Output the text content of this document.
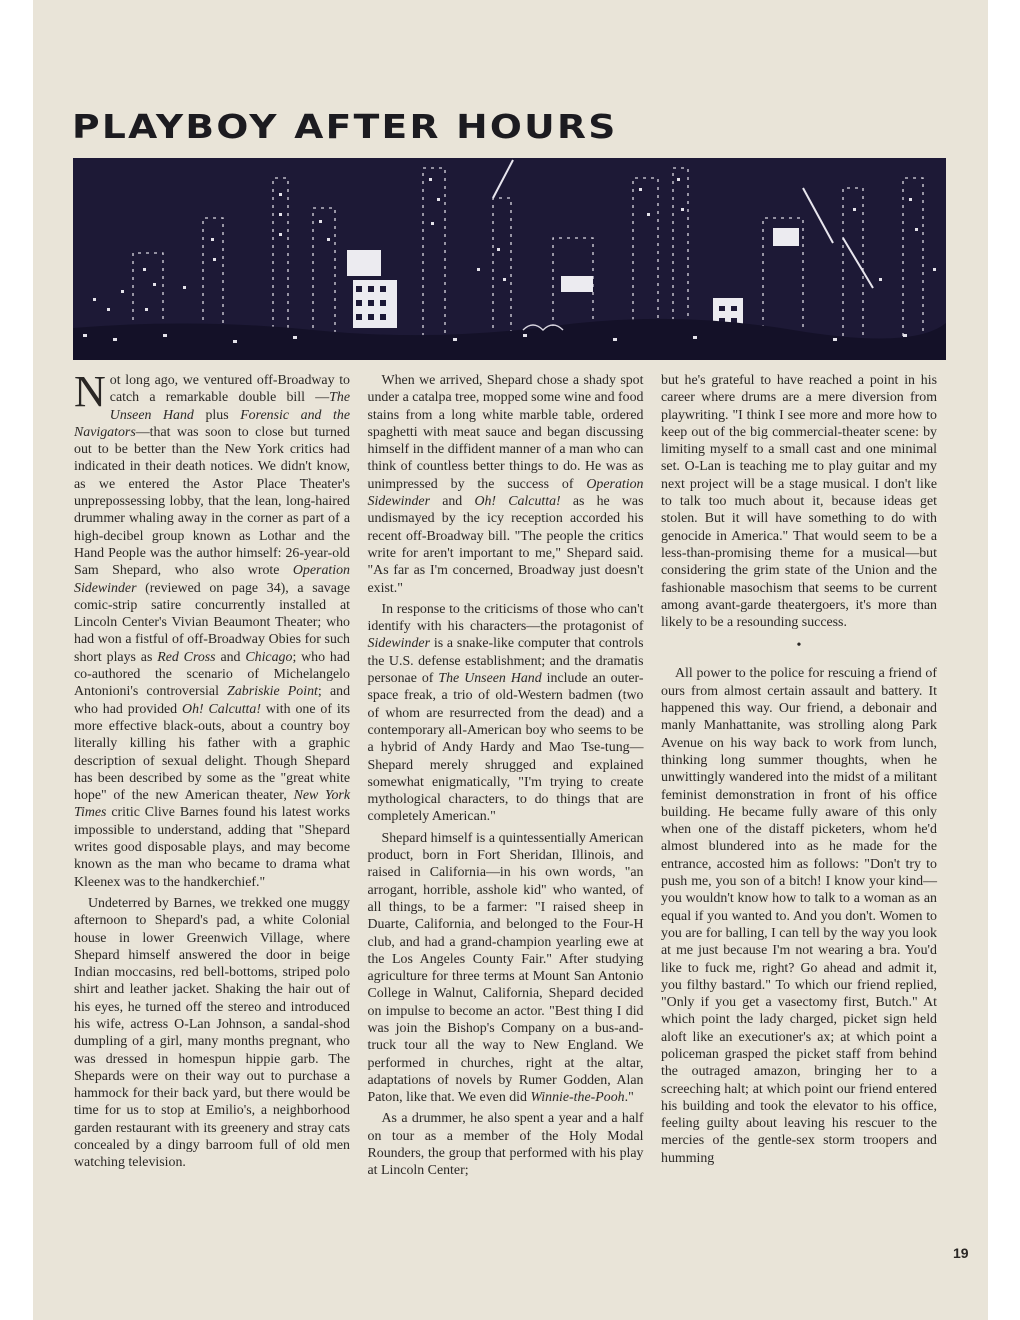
PLAYBOY AFTER HOURS

Not long ago, we ventured off-Broadway to catch a remarkable double bill —The Unseen Hand plus Forensic and the Navigators—that was soon to close but turned out to be better than the New York critics had indicated in their death notices. We didn't know, as we entered the Astor Place Theater's unprepossessing lobby, that the lean, long-haired drummer whaling away in the corner as part of a high-decibel group known as Lothar and the Hand People was the author himself: 26-year-old Sam Shepard, who also wrote Operation Sidewinder (reviewed on page 34), a savage comic-strip satire concurrently installed at Lincoln Center's Vivian Beaumont Theater; who had won a fistful of off-Broadway Obies for such short plays as Red Cross and Chicago; who had co-authored the scenario of Michelangelo Antonioni's controversial Zabriskie Point; and who had provided Oh! Calcutta! with one of its more effective black-outs, about a country boy literally killing his father with a graphic description of sexual delight. Though Shepard has been described by some as the "great white hope" of the new American theater, New York Times critic Clive Barnes found his latest works impossible to understand, adding that "Shepard writes good disposable plays, and may become known as the man who became to drama what Kleenex was to the handkerchief."

Undeterred by Barnes, we trekked one muggy afternoon to Shepard's pad, a white Colonial house in lower Greenwich Village, where Shepard himself answered the door in beige Indian moccasins, red bell-bottoms, striped polo shirt and leather jacket. Shaking the hair out of his eyes, he turned off the stereo and introduced his wife, actress O-Lan Johnson, a sandal-shod dumpling of a girl, many months pregnant, who was dressed in homespun hippie garb. The Shepards were on their way out to purchase a hammock for their back yard, but there would be time for us to stop at Emilio's, a neighborhood garden restaurant with its greenery and stray cats concealed by a dingy barroom full of old men watching television.

When we arrived, Shepard chose a shady spot under a catalpa tree, mopped some wine and food stains from a long white marble table, ordered spaghetti with meat sauce and began discussing himself in the diffident manner of a man who can think of countless better things to do. He was as unimpressed by the success of Operation Sidewinder and Oh! Calcutta! as he was undismayed by the icy reception accorded his recent off-Broadway bill. "The people the critics write for aren't important to me," Shepard said. "As far as I'm concerned, Broadway just doesn't exist."

In response to the criticisms of those who can't identify with his characters—the protagonist of Sidewinder is a snake-like computer that controls the U.S. defense establishment; and the dramatis personae of The Unseen Hand include an outer-space freak, a trio of old-Western badmen (two of whom are resurrected from the dead) and a contemporary all-American boy who seems to be a hybrid of Andy Hardy and Mao Tse-tung—Shepard merely shrugged and explained somewhat enigmatically, "I'm trying to create mythological characters, to do things that are completely American."

Shepard himself is a quintessentially American product, born in Fort Sheridan, Illinois, and raised in California—in his own words, "an arrogant, horrible, asshole kid" who wanted, of all things, to be a farmer: "I raised sheep in Duarte, California, and belonged to the Four-H club, and had a grand-champion yearling ewe at the Los Angeles County Fair." After studying agriculture for three terms at Mount San Antonio College in Walnut, California, Shepard decided on impulse to become an actor. "Best thing I did was join the Bishop's Company on a bus-and-truck tour all the way to New England. We performed in churches, right at the altar, adaptations of novels by Rumer Godden, Alan Paton, like that. We even did Winnie-the-Pooh."

As a drummer, he also spent a year and a half on tour as a member of the Holy Modal Rounders, the group that performed with his play at Lincoln Center;

but he's grateful to have reached a point in his career where drums are a mere diversion from playwriting. "I think I see more and more how to keep out of the big commercial-theater scene: by limiting myself to a small cast and one minimal set. O-Lan is teaching me to play guitar and my next project will be a stage musical. I don't like to talk too much about it, because ideas get stolen. But it will have something to do with genocide in America." That would seem to be a less-than-promising theme for a musical—but considering the grim state of the Union and the fashionable masochism that seems to be current among avant-garde theatergoers, it's more than likely to be a resounding success.

•

All power to the police for rescuing a friend of ours from almost certain assault and battery. It happened this way. Our friend, a debonair and manly Manhattanite, was strolling along Park Avenue on his way back to work from lunch, thinking long summer thoughts, when he unwittingly wandered into the midst of a militant feminist demonstration in front of his office building. He became fully aware of this only when one of the distaff picketers, whom he'd almost blundered into as he made for the entrance, accosted him as follows: "Don't try to push me, you son of a bitch! I know your kind—you wouldn't know how to talk to a woman as an equal if you wanted to. And you don't. Women to you are for balling, I can tell by the way you look at me just because I'm not wearing a bra. You'd like to fuck me, right? Go ahead and admit it, you filthy bastard." To which our friend replied, "Only if you get a vasectomy first, Butch." At which point the lady charged, picket sign held aloft like an executioner's ax; at which point a policeman grasped the picket staff from behind the outraged amazon, bringing her to a screeching halt; at which point our friend entered his building and took the elevator to his office, feeling guilty about leaving his rescuer to the mercies of the gentle-sex storm troopers and humming

19
